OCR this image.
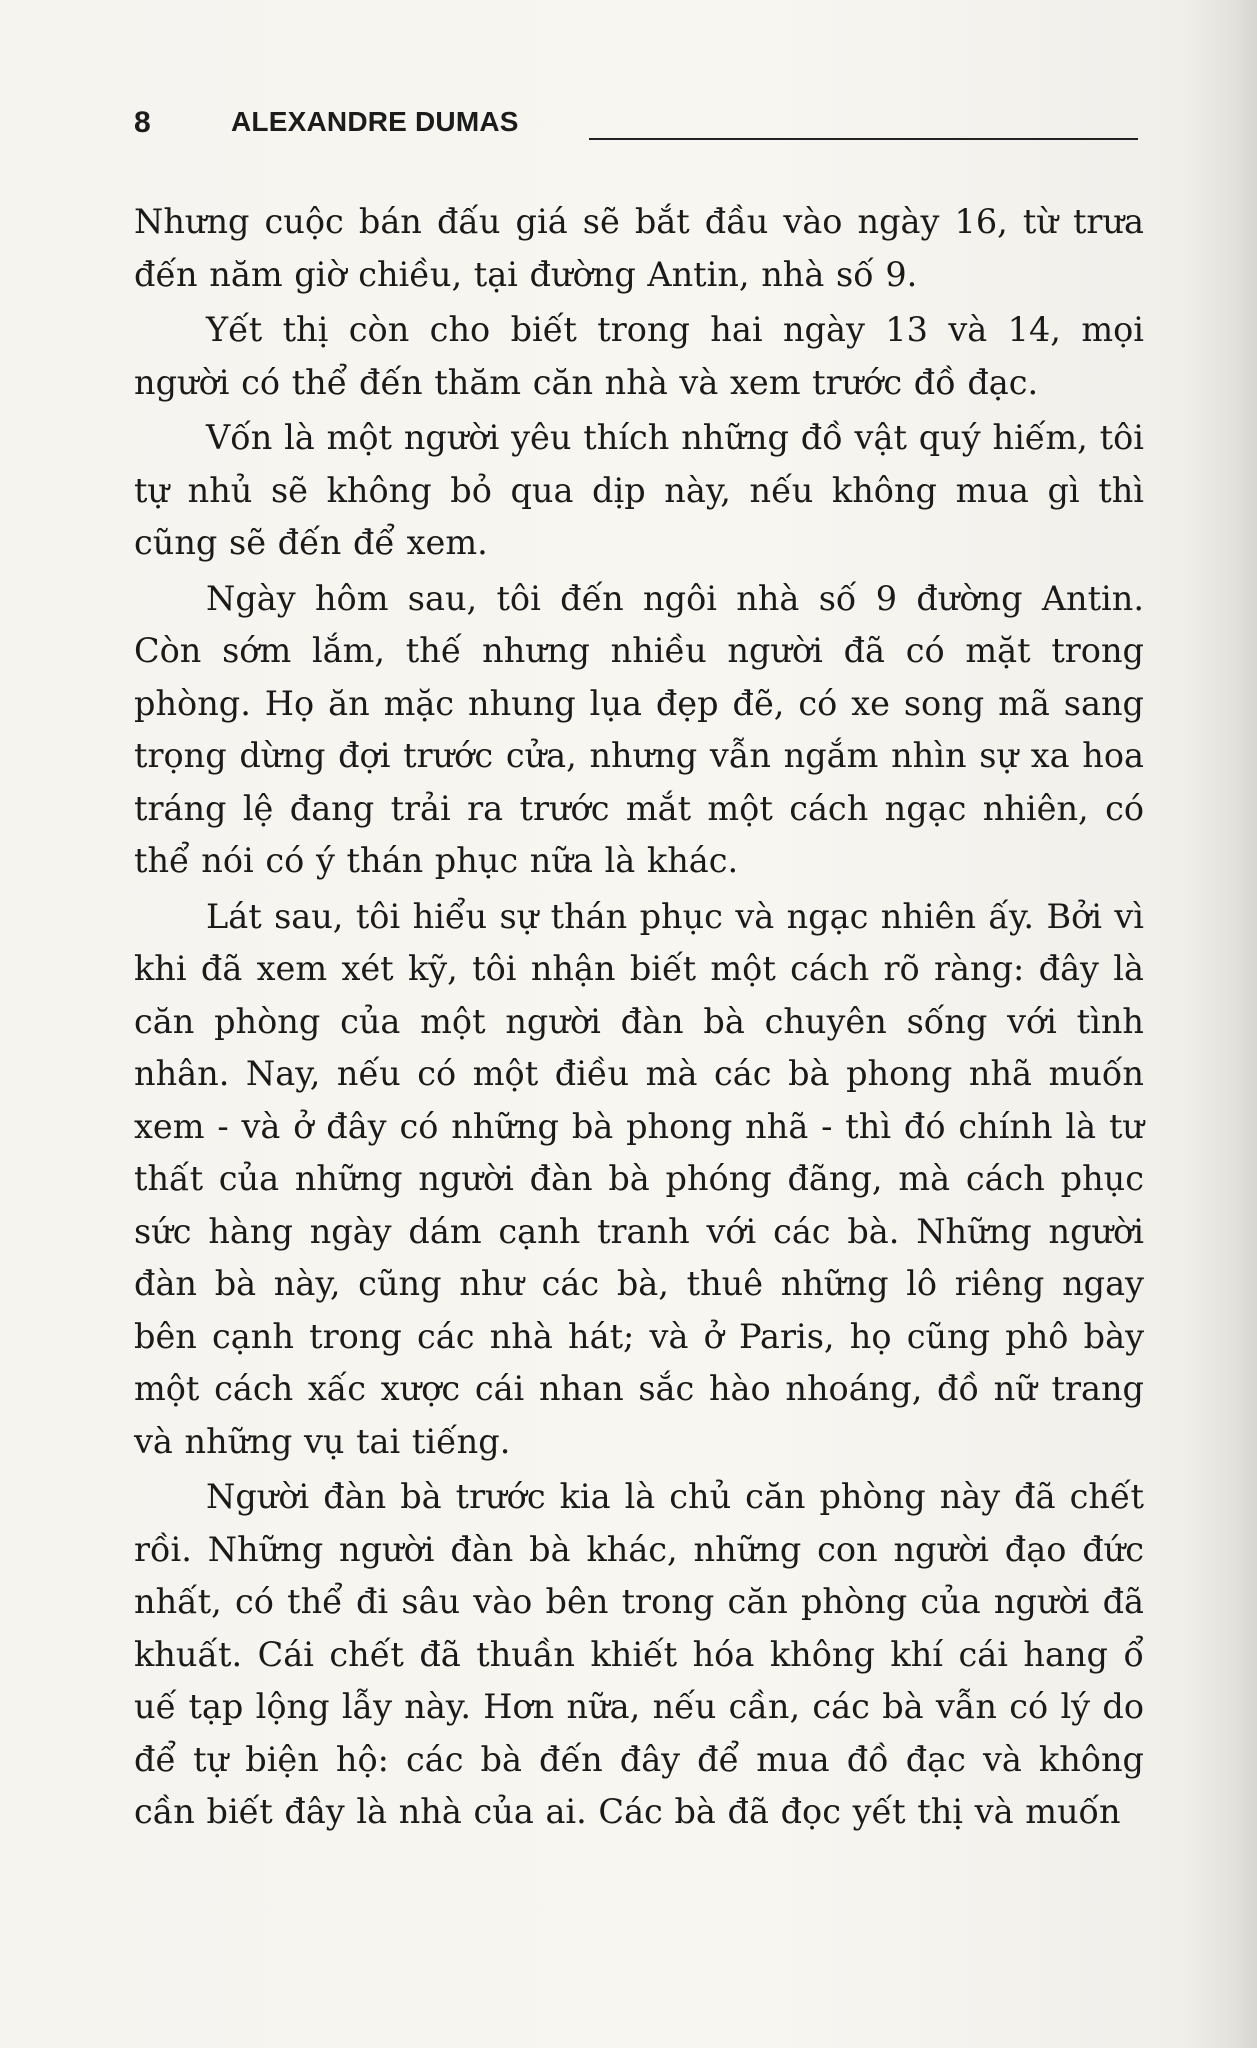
8	ALEXANDRE DUMAS

Nhưng cuộc bán đấu giá sẽ bắt đầu vào ngày 16, từ trưa đến năm giờ chiều, tại đường Antin, nhà số 9.

Yết thị còn cho biết trong hai ngày 13 và 14, mọi người có thể đến thăm căn nhà và xem trước đồ đạc.

Vốn là một người yêu thích những đồ vật quý hiếm, tôi tự nhủ sẽ không bỏ qua dịp này, nếu không mua gì thì cũng sẽ đến để xem.

Ngày hôm sau, tôi đến ngôi nhà số 9 đường Antin. Còn sớm lắm, thế nhưng nhiều người đã có mặt trong phòng. Họ ăn mặc nhung lụa đẹp đẽ, có xe song mã sang trọng dừng đợi trước cửa, nhưng vẫn ngắm nhìn sự xa hoa tráng lệ đang trải ra trước mắt một cách ngạc nhiên, có thể nói có ý thán phục nữa là khác.

Lát sau, tôi hiểu sự thán phục và ngạc nhiên ấy. Bởi vì khi đã xem xét kỹ, tôi nhận biết một cách rõ ràng: đây là căn phòng của một người đàn bà chuyên sống với tình nhân. Nay, nếu có một điều mà các bà phong nhã muốn xem - và ở đây có những bà phong nhã - thì đó chính là tư thất của những người đàn bà phóng đãng, mà cách phục sức hàng ngày dám cạnh tranh với các bà. Những người đàn bà này, cũng như các bà, thuê những lô riêng ngay bên cạnh trong các nhà hát; và ở Paris, họ cũng phô bày một cách xấc xược cái nhan sắc hào nhoáng, đồ nữ trang và những vụ tai tiếng.

Người đàn bà trước kia là chủ căn phòng này đã chết rồi. Những người đàn bà khác, những con người đạo đức nhất, có thể đi sâu vào bên trong căn phòng của người đã khuất. Cái chết đã thuần khiết hóa không khí cái hang ổ uế tạp lộng lẫy này. Hơn nữa, nếu cần, các bà vẫn có lý do để tự biện hộ: các bà đến đây để mua đồ đạc và không cần biết đây là nhà của ai. Các bà đã đọc yết thị và muốn
